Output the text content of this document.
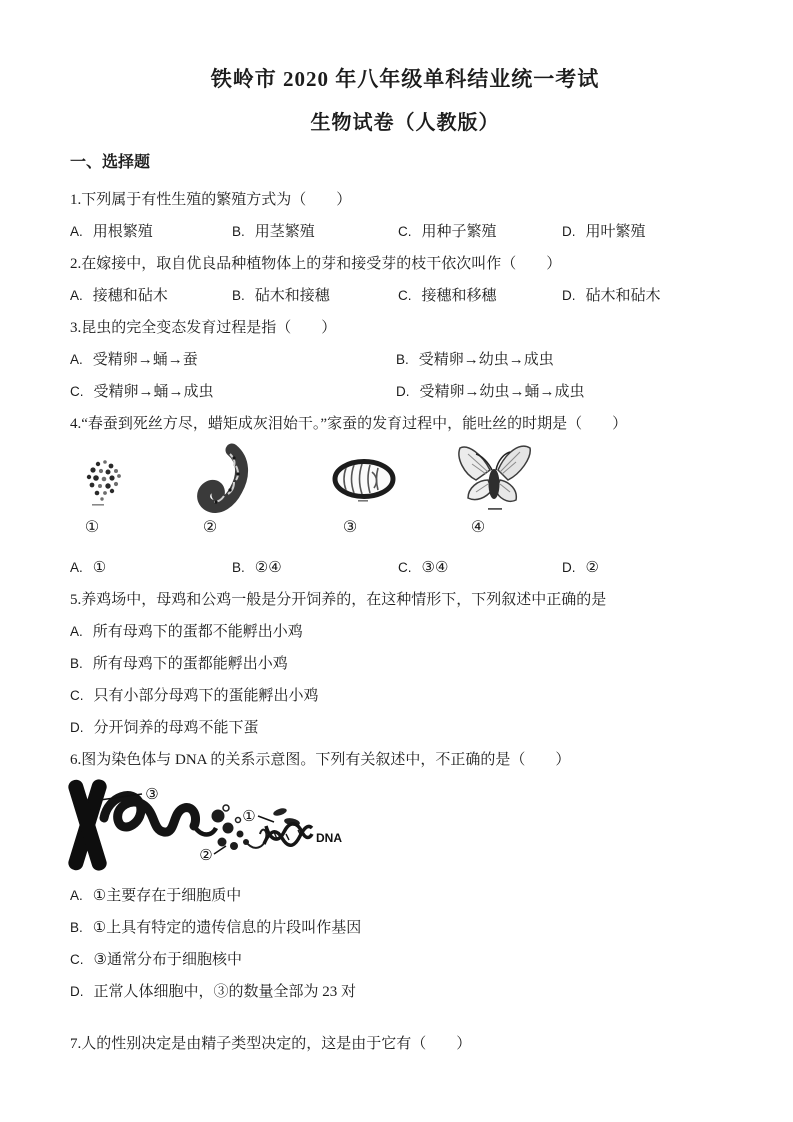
铁岭市 2020 年八年级单科结业统一考试
生物试卷（人教版）
一、选择题
1.下列属于有性生殖的繁殖方式为（　　）
A. 用根繁殖	B. 用茎繁殖	C. 用种子繁殖	D. 用叶繁殖
2.在嫁接中，取自优良品种植物体上的芽和接受芽的枝干依次叫作（　　）
A. 接穗和砧木	B. 砧木和接穗	C. 接穗和移穗	D. 砧木和砧木
3.昆虫的完全变态发育过程是指（　　）
A. 受精卵→蛹→蚕	B. 受精卵→幼虫→成虫
C. 受精卵→蛹→成虫	D. 受精卵→幼虫→蛹→成虫
4.“春蚕到死丝方尽，蜡矩成灰泪始干。”家蚕的发育过程中，能吐丝的时期是（　　）
①	②	③	④
A. ①	B. ②④	C. ③④	D. ②
5.养鸡场中，母鸡和公鸡一般是分开饲养的，在这种情形下，下列叙述中正确的是
A. 所有母鸡下的蛋都不能孵出小鸡
B. 所有母鸡下的蛋都能孵出小鸡
C. 只有小部分母鸡下的蛋能孵出小鸡
D. 分开饲养的母鸡不能下蛋
6.图为染色体与 DNA 的关系示意图。下列有关叙述中，不正确的是（　　）
③
①
②
DNA
A. ①主要存在于细胞质中
B. ①上具有特定的遗传信息的片段叫作基因
C. ③通常分布于细胞核中
D. 正常人体细胞中，③的数量全部为 23 对
7.人的性别决定是由精子类型决定的，这是由于它有（　　）
